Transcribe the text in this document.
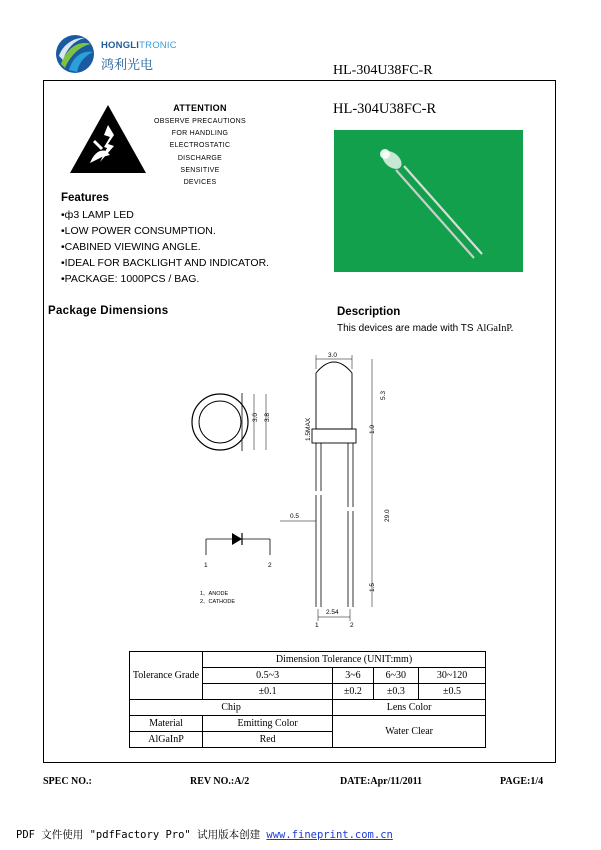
HONGLITRONIC
鸿利光电	HL-304U38FC-R
ATTENTION
OBSERVE PRECAUTIONS
FOR HANDLING
ELECTROSTATIC
DISCHARGE
SENSITIVE
DEVICES
HL-304U38FC-R
Features
•ф3 LAMP LED
•LOW POWER CONSUMPTION.
•CABINED VIEWING ANGLE.
•IDEAL FOR BACKLIGHT AND INDICATOR.
•PACKAGE: 1000PCS / BAG.
Package Dimensions	Description
This devices are made with TS AlGaInP.
3.0 3.8
3.0
5.3
1.0
29.0
1.5
1.5MAX
0.5
2.54
1	2
1	2
1、ANODE
2、CATHODE
Tolerance Grade	Dimension Tolerance (UNIT:mm)			
	0.5~3	3~6	6~30	30~120
	±0.1	±0.2	±0.3	±0.5
Chip		Lens Color		
Material	Emitting Color	Water Clear		
AlGaInP	Red			
SPEC NO.:	REV NO.:A/2	DATE:Apr/11/2011	PAGE:1/4
PDF 文件使用 "pdfFactory Pro" 试用版本创建 www.fineprint.com.cn
